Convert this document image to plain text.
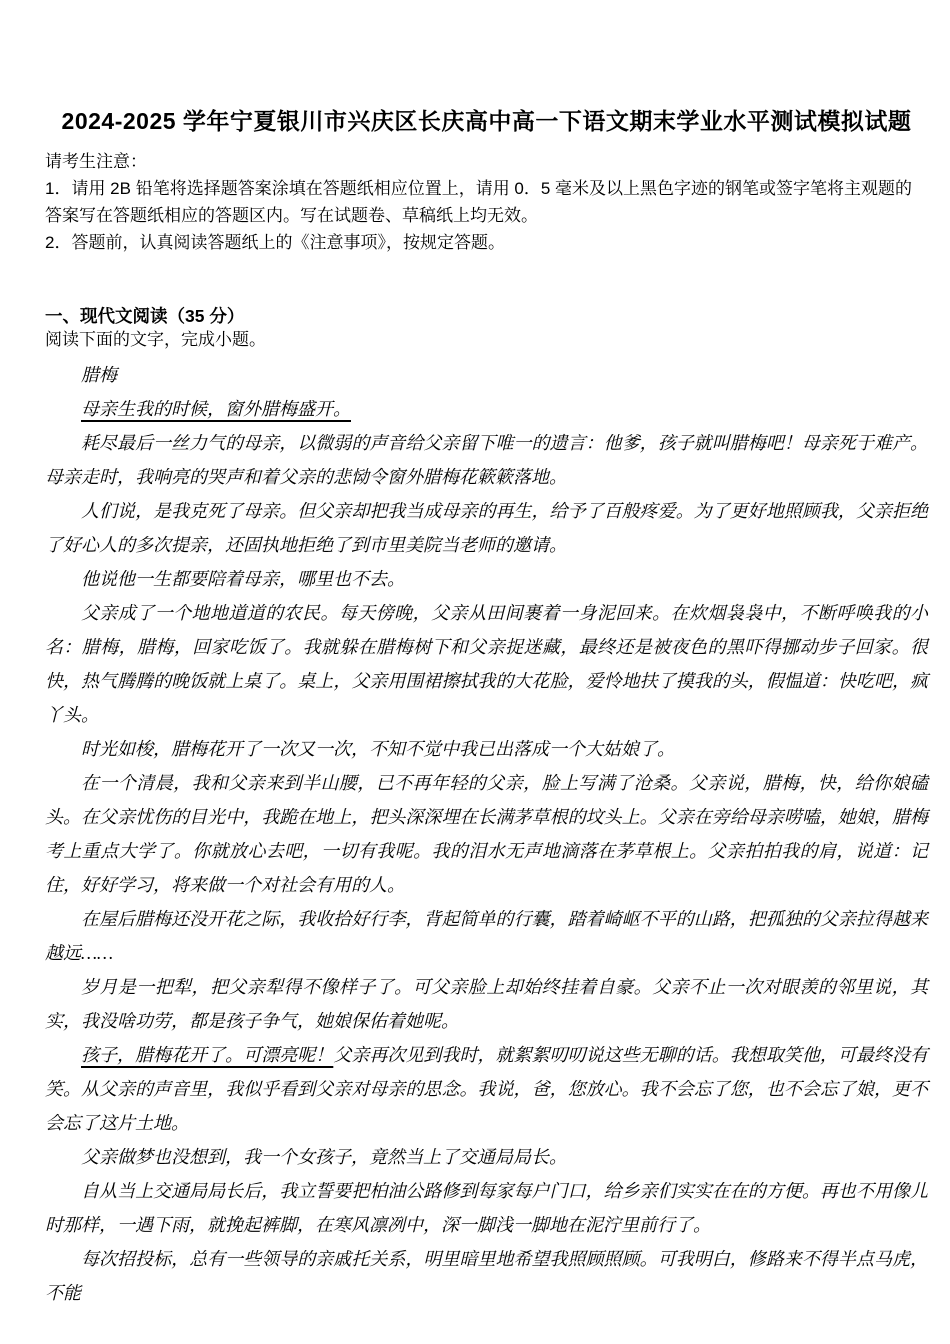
2024-2025 学年宁夏银川市兴庆区长庆高中高一下语文期末学业水平测试模拟试题

请考生注意：

1．请用 2B 铅笔将选择题答案涂填在答题纸相应位置上，请用 0．5 毫米及以上黑色字迹的钢笔或签字笔将主观题的答案写在答题纸相应的答题区内。写在试题卷、草稿纸上均无效。

2．答题前，认真阅读答题纸上的《注意事项》，按规定答题。

一、现代文阅读（35 分）

阅读下面的文字，完成小题。

腊梅

母亲生我的时候，窗外腊梅盛开。

耗尽最后一丝力气的母亲，以微弱的声音给父亲留下唯一的遗言：他爹，孩子就叫腊梅吧！母亲死于难产。母亲走时，我响亮的哭声和着父亲的悲恸令窗外腊梅花簌簌落地。

人们说，是我克死了母亲。但父亲却把我当成母亲的再生，给予了百般疼爱。为了更好地照顾我，父亲拒绝了好心人的多次提亲，还固执地拒绝了到市里美院当老师的邀请。

他说他一生都要陪着母亲，哪里也不去。

父亲成了一个地地道道的农民。每天傍晚，父亲从田间裹着一身泥回来。在炊烟袅袅中，不断呼唤我的小名：腊梅，腊梅，回家吃饭了。我就躲在腊梅树下和父亲捉迷藏，最终还是被夜色的黑吓得挪动步子回家。很快，热气腾腾的晚饭就上桌了。桌上，父亲用围裙擦拭我的大花脸，爱怜地扶了摸我的头，假愠道：快吃吧，疯丫头。

时光如梭，腊梅花开了一次又一次，不知不觉中我已出落成一个大姑娘了。

在一个清晨，我和父亲来到半山腰，已不再年轻的父亲，脸上写满了沧桑。父亲说，腊梅，快，给你娘磕头。在父亲忧伤的目光中，我跪在地上，把头深深埋在长满茅草根的坟头上。父亲在旁给母亲唠嗑，她娘，腊梅考上重点大学了。你就放心去吧，一切有我呢。我的泪水无声地滴落在茅草根上。父亲拍拍我的肩，说道：记住，好好学习，将来做一个对社会有用的人。

在屋后腊梅还没开花之际，我收拾好行李，背起简单的行囊，踏着崎岖不平的山路，把孤独的父亲拉得越来越远……

岁月是一把犁，把父亲犁得不像样子了。可父亲脸上却始终挂着自豪。父亲不止一次对眼羡的邻里说，其实，我没啥功劳，都是孩子争气，她娘保佑着她呢。

孩子，腊梅花开了。可漂亮呢！父亲再次见到我时，就絮絮叨叨说这些无聊的话。我想取笑他，可最终没有笑。从父亲的声音里，我似乎看到父亲对母亲的思念。我说，爸，您放心。我不会忘了您，也不会忘了娘，更不会忘了这片土地。

父亲做梦也没想到，我一个女孩子，竟然当上了交通局局长。

自从当上交通局局长后，我立誓要把柏油公路修到每家每户门口，给乡亲们实实在在的方便。再也不用像儿时那样，一遇下雨，就挽起裤脚，在寒风凛冽中，深一脚浅一脚地在泥泞里前行了。

每次招投标，总有一些领导的亲戚托关系，明里暗里地希望我照顾照顾。可我明白，修路来不得半点马虎，不能
